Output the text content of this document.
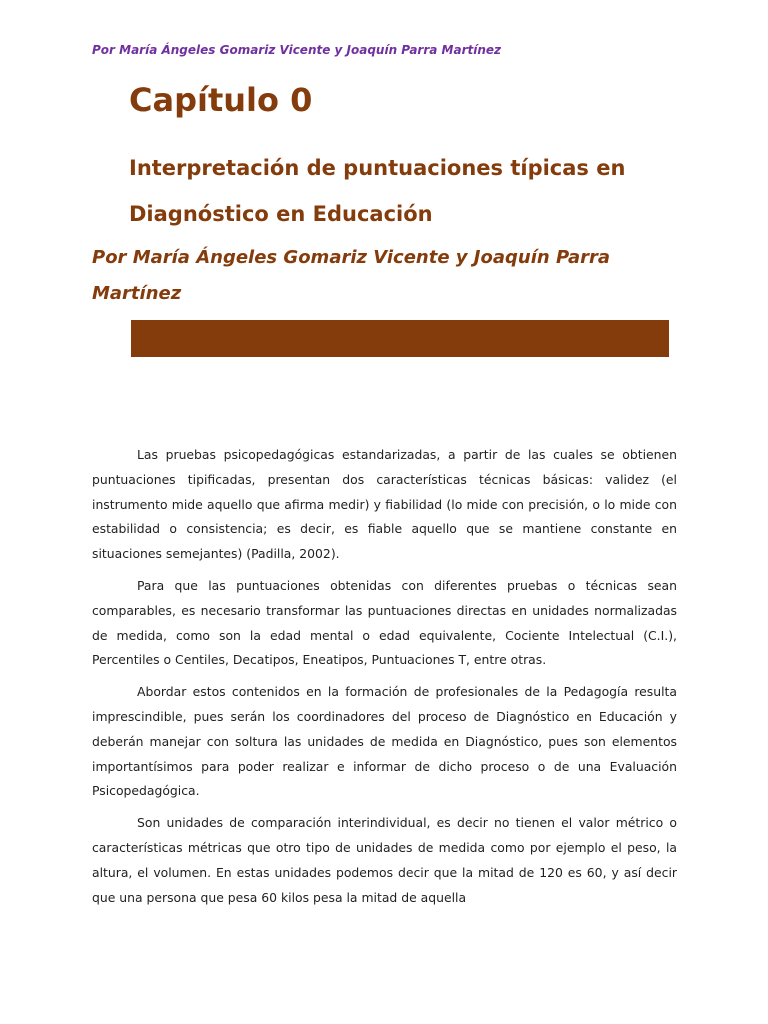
Por María Ángeles Gomariz Vicente y Joaquín Parra Martínez
Capítulo 0
Interpretación de puntuaciones típicas en Diagnóstico en Educación
Por María Ángeles Gomariz Vicente y Joaquín Parra Martínez

Las pruebas psicopedagógicas estandarizadas, a partir de las cuales se obtienen puntuaciones tipificadas, presentan dos características técnicas básicas: validez (el instrumento mide aquello que afirma medir) y fiabilidad (lo mide con precisión, o lo mide con estabilidad o consistencia; es decir, es fiable aquello que se mantiene constante en situaciones semejantes) (Padilla, 2002).

Para que las puntuaciones obtenidas con diferentes pruebas o técnicas sean comparables, es necesario transformar las puntuaciones directas en unidades normalizadas de medida, como son la edad mental o edad equivalente, Cociente Intelectual (C.I.), Percentiles o Centiles, Decatipos, Eneatipos, Puntuaciones T, entre otras.

Abordar estos contenidos en la formación de profesionales de la Pedagogía resulta imprescindible, pues serán los coordinadores del proceso de Diagnóstico en Educación y deberán manejar con soltura las unidades de medida en Diagnóstico, pues son elementos importantísimos para poder realizar e informar de dicho proceso o de una Evaluación Psicopedagógica.

Son unidades de comparación interindividual, es decir no tienen el valor métrico o características métricas que otro tipo de unidades de medida como por ejemplo el peso, la altura, el volumen. En estas unidades podemos decir que la mitad de 120 es 60, y así decir que una persona que pesa 60 kilos pesa la mitad de aquella
